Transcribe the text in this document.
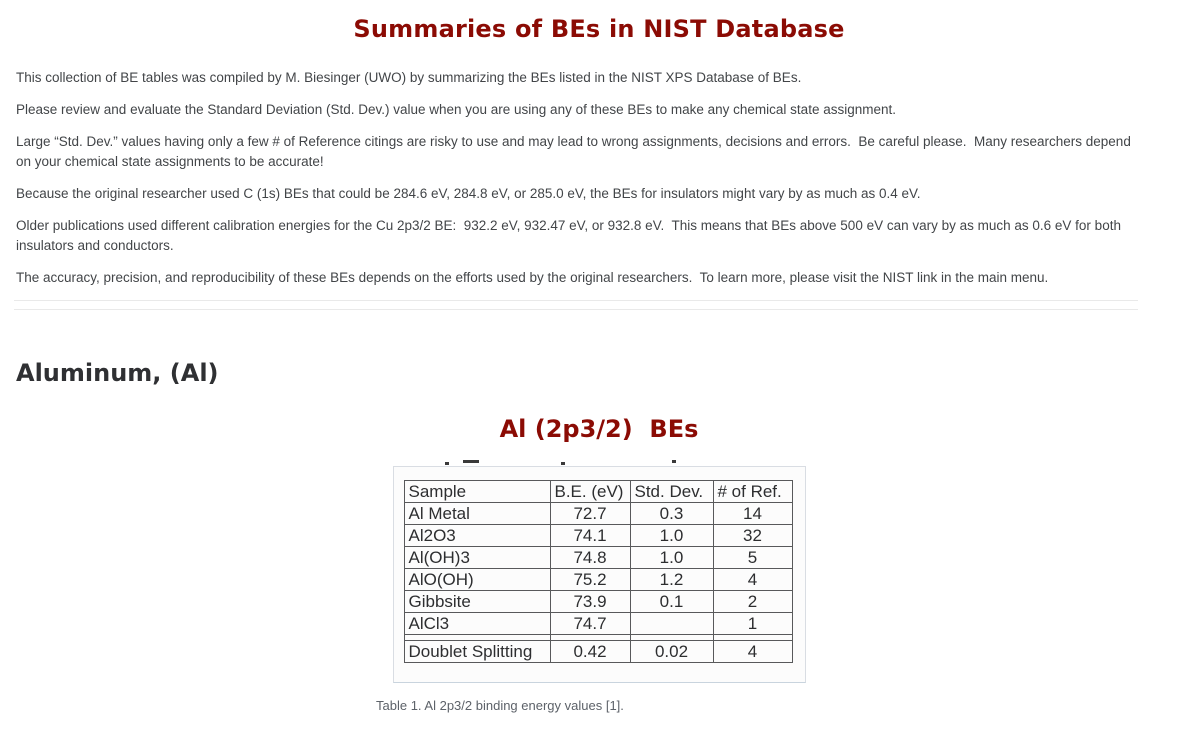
Summaries of BEs in NIST Database

This collection of BE tables was compiled by M. Biesinger (UWO) by summarizing the BEs listed in the NIST XPS Database of BEs.

Please review and evaluate the Standard Deviation (Std. Dev.) value when you are using any of these BEs to make any chemical state assignment.

Large “Std. Dev.” values having only a few # of Reference citings are risky to use and may lead to wrong assignments, decisions and errors.  Be careful please.  Many researchers depend on your chemical state assignments to be accurate!

Because the original researcher used C (1s) BEs that could be 284.6 eV, 284.8 eV, or 285.0 eV, the BEs for insulators might vary by as much as 0.4 eV.

Older publications used different calibration energies for the Cu 2p3/2 BE:  932.2 eV, 932.47 eV, or 932.8 eV.  This means that BEs above 500 eV can vary by as much as 0.6 eV for both insulators and conductors.

The accuracy, precision, and reproducibility of these BEs depends on the efforts used by the original researchers.  To learn more, please visit the NIST link in the main menu.

Aluminum, (Al)
Al (2p3/2)  BEs
Sample	B.E. (eV)	Std. Dev.	# of Ref.
Al Metal	72.7	0.3	14
Al2O3	74.1	1.0	32
Al(OH)3	74.8	1.0	5
AlO(OH)	75.2	1.2	4
Gibbsite	73.9	0.1	2
AlCl3	74.7		1

Doublet Splitting	0.42	0.02	4
Table 1. Al 2p3/2 binding energy values [1].
